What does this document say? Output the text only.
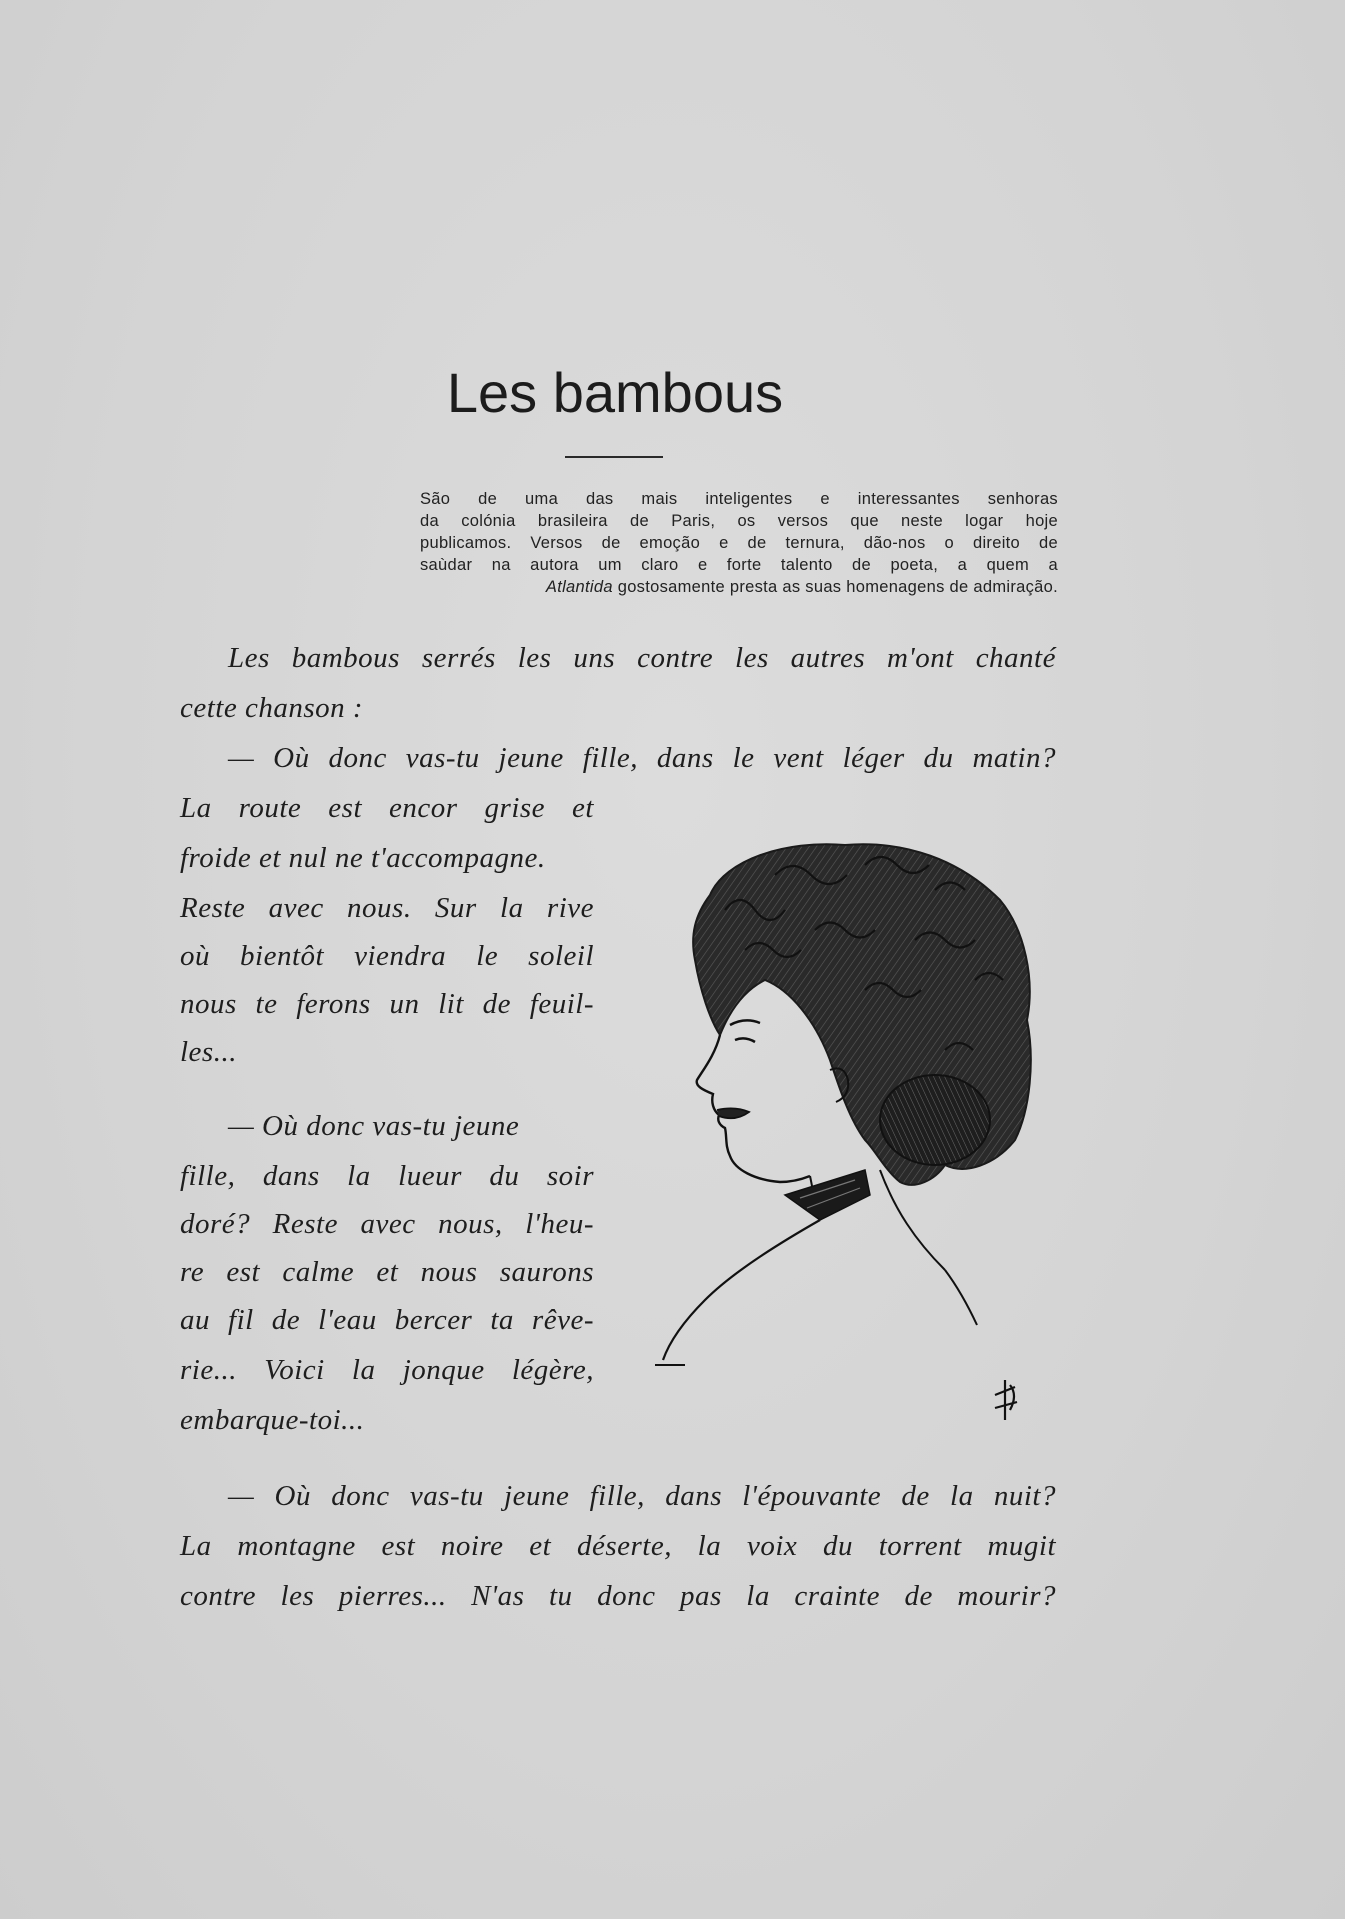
Les bambous
São de uma das mais inteligentes e interessantes senhoras
da colónia brasileira de Paris, os versos que neste logar hoje
publicamos. Versos de emoção e de ternura, dão-nos o direito de
saùdar na autora um claro e forte talento de poeta, a quem a
Atlantida gostosamente presta as suas homenagens de admiração.
Les bambous serrés les uns contre les autres m'ont chanté
cette chanson :
— Où donc vas-tu jeune fille, dans le vent léger du matin?
La route est encor grise et
froide et nul ne t'accompagne.
Reste avec nous. Sur la rive
où bientôt viendra le soleil
nous te ferons un lit de feuil-
les...
— Où donc vas-tu jeune
fille, dans la lueur du soir
doré? Reste avec nous, l'heu-
re est calme et nous saurons
au fil de l'eau bercer ta rêve-
rie... Voici la jonque légère,
embarque-toi...
— Où donc vas-tu jeune fille, dans l'épouvante de la nuit?
La montagne est noire et déserte, la voix du torrent mugit
contre les pierres... N'as tu donc pas la crainte de mourir?
